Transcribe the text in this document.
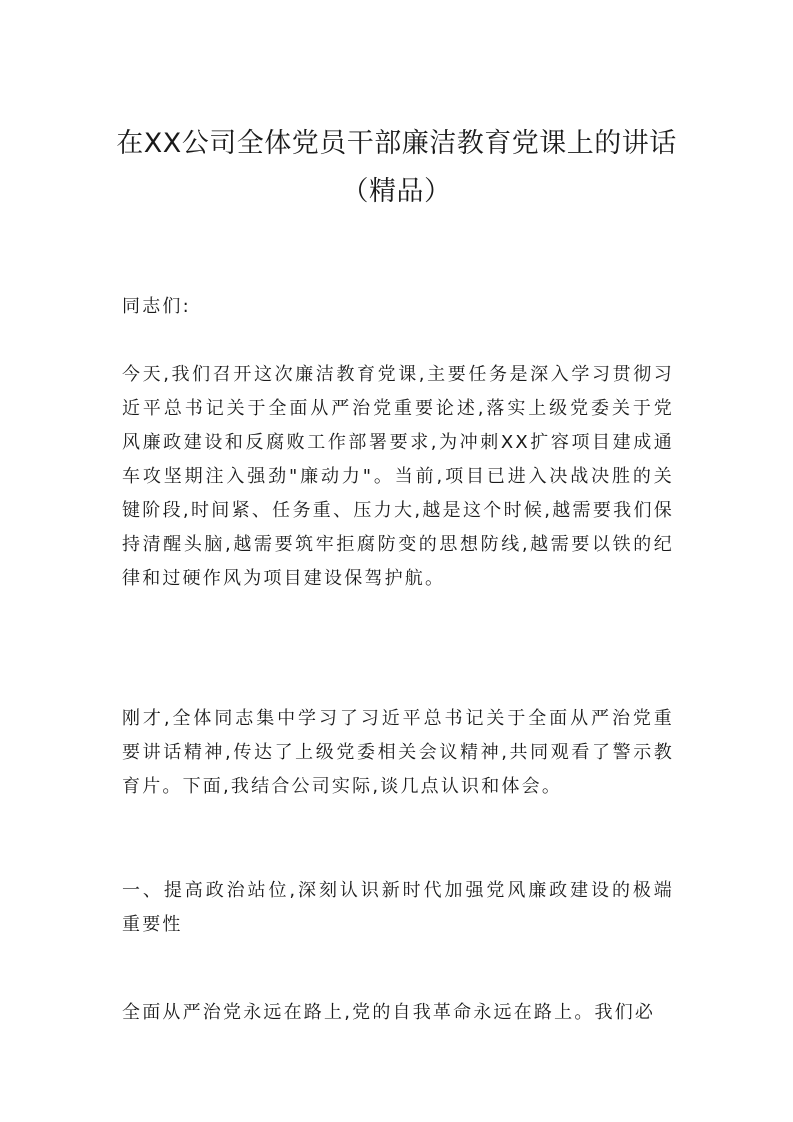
在XX公司全体党员干部廉洁教育党课上的讲话
（精品）

同志们:

今天,我们召开这次廉洁教育党课,主要任务是深入学习贯彻习近平总书记关于全面从严治党重要论述,落实上级党委关于党风廉政建设和反腐败工作部署要求,为冲刺XX扩容项目建成通车攻坚期注入强劲"廉动力"。当前,项目已进入决战决胜的关键阶段,时间紧、任务重、压力大,越是这个时候,越需要我们保持清醒头脑,越需要筑牢拒腐防变的思想防线,越需要以铁的纪律和过硬作风为项目建设保驾护航。

刚才,全体同志集中学习了习近平总书记关于全面从严治党重要讲话精神,传达了上级党委相关会议精神,共同观看了警示教育片。下面,我结合公司实际,谈几点认识和体会。

一、提高政治站位,深刻认识新时代加强党风廉政建设的极端重要性

全面从严治党永远在路上,党的自我革命永远在路上。我们必
